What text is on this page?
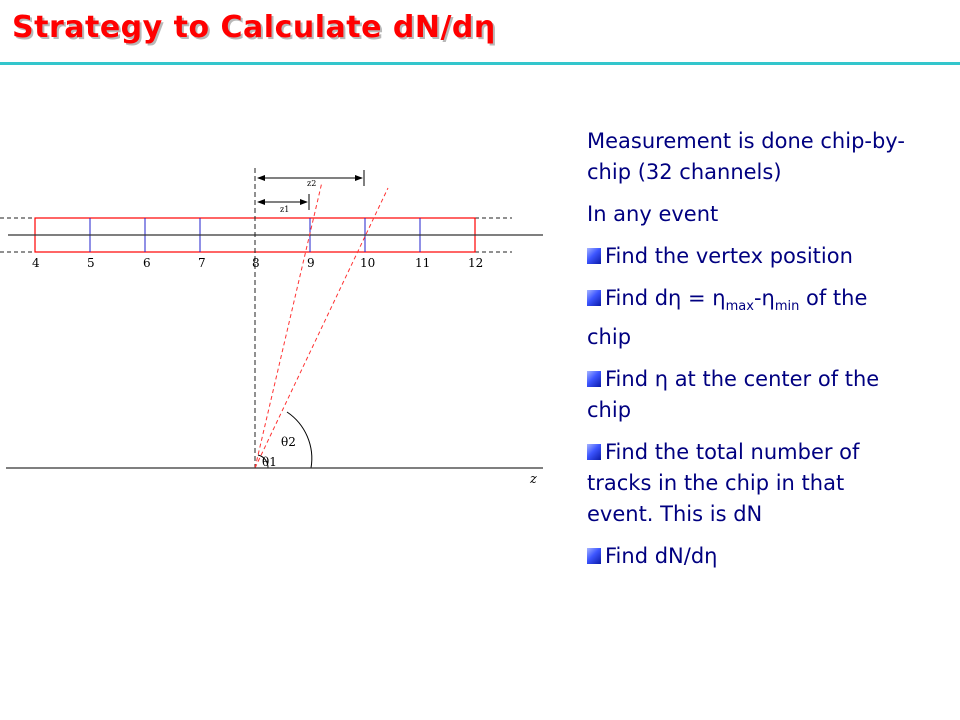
Strategy to Calculate dN/dη
z2
z1
θ1
θ2
z
4	5	6	7	8	9	10	11	12

Measurement is done chip-by-
chip (32 channels)

In any event

Find the vertex position

Find $d\eta = \eta_{max}-\eta_{min}$ of the
chip

Find η at the center of the
chip

Find the total number of
tracks in the chip in that
event. This is dN

Find dN/dη
